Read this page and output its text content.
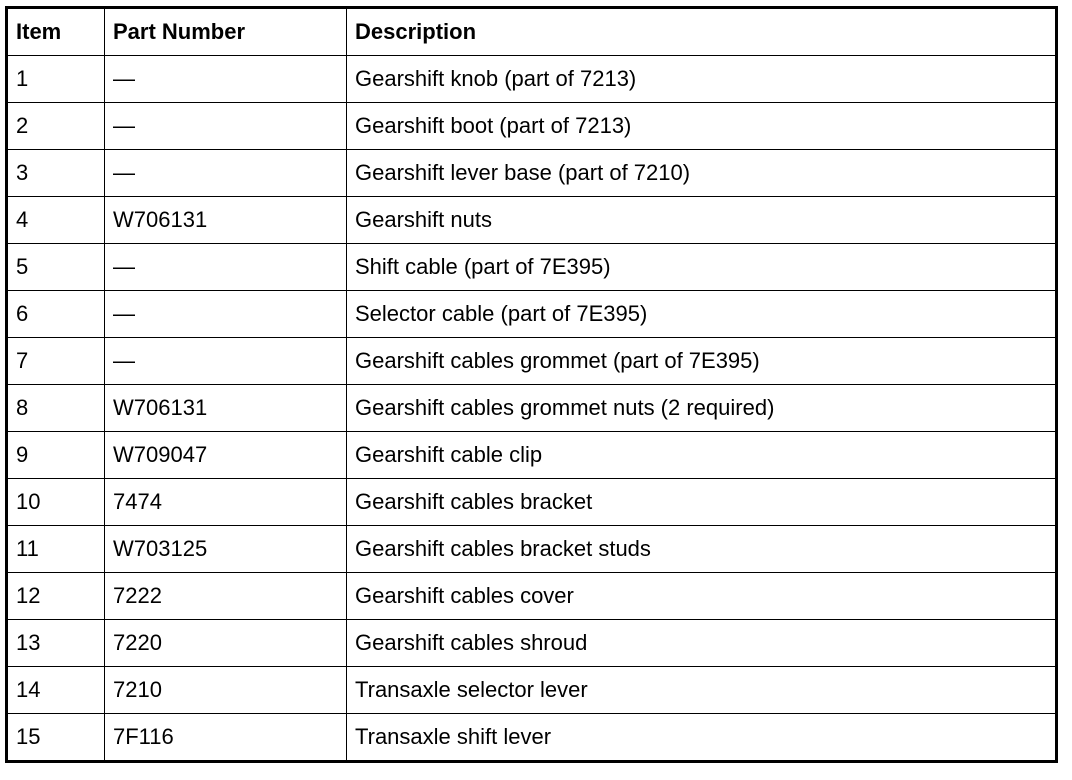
Item	Part Number	Description
1	—	Gearshift knob (part of 7213)
2	—	Gearshift boot (part of 7213)
3	—	Gearshift lever base (part of 7210)
4	W706131	Gearshift nuts
5	—	Shift cable (part of 7E395)
6	—	Selector cable (part of 7E395)
7	—	Gearshift cables grommet (part of 7E395)
8	W706131	Gearshift cables grommet nuts (2 required)
9	W709047	Gearshift cable clip
10	7474	Gearshift cables bracket
11	W703125	Gearshift cables bracket studs
12	7222	Gearshift cables cover
13	7220	Gearshift cables shroud
14	7210	Transaxle selector lever
15	7F116	Transaxle shift lever
